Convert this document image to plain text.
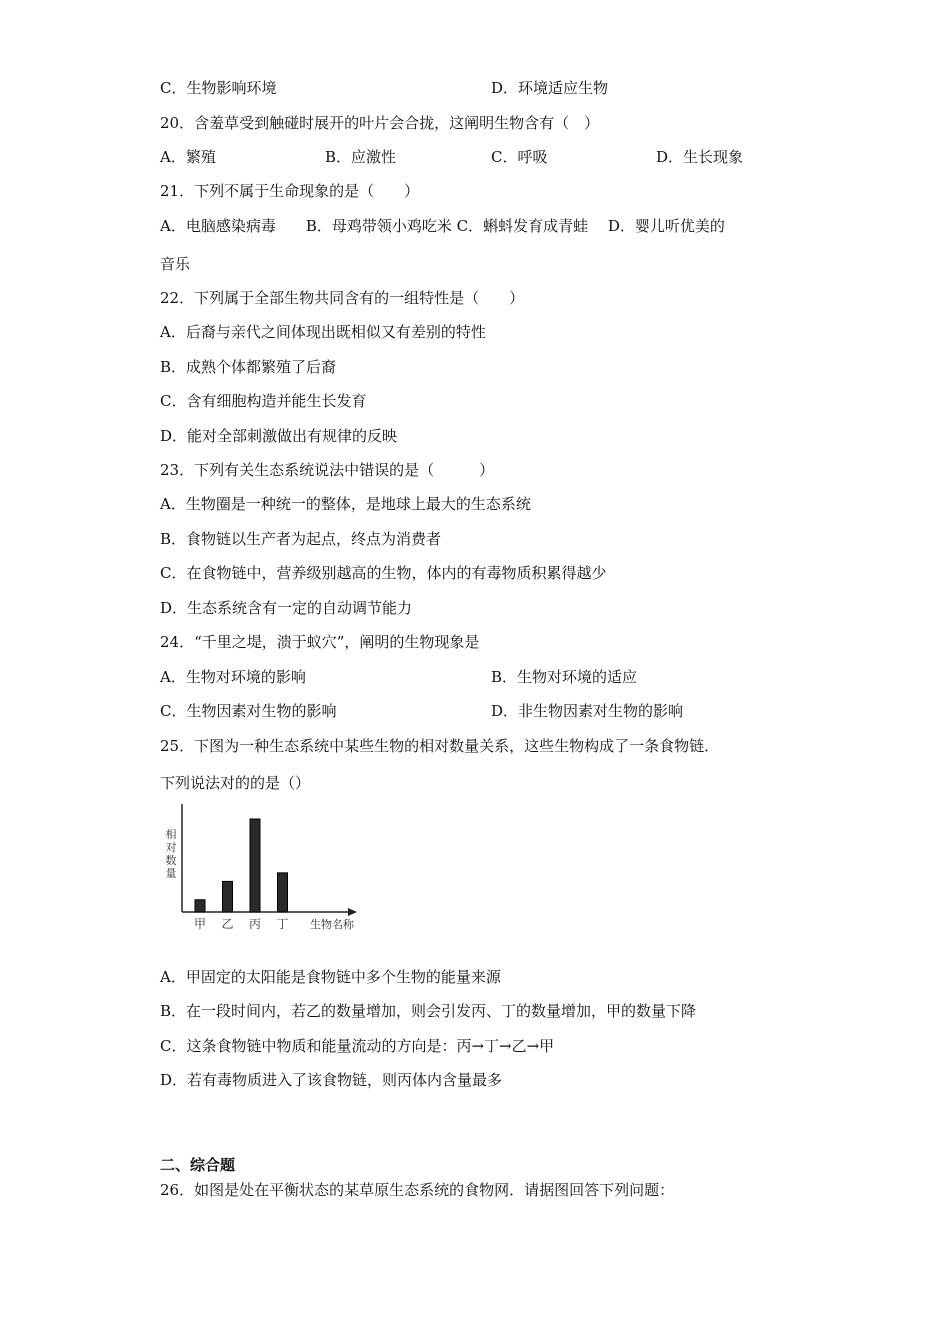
C．生物影响环境	D．环境适应生物
20．含羞草受到触碰时展开的叶片会合拢，这阐明生物含有（　）
A．繁殖	B．应激性	C．呼吸	D．生长现象
21．下列不属于生命现象的是（　　）
A．电脑感染病毒　　B．母鸡带领小鸡吃米 C．蝌蚪发育成青蛙　 D．婴儿听优美的
音乐
22．下列属于全部生物共同含有的一组特性是（　　）
A．后裔与亲代之间体现出既相似又有差别的特性
B．成熟个体都繁殖了后裔
C．含有细胞构造并能生长发育
D．能对全部刺激做出有规律的反映
23．下列有关生态系统说法中错误的是（　　　）
A．生物圈是一种统一的整体，是地球上最大的生态系统
B．食物链以生产者为起点，终点为消费者
C．在食物链中，营养级别越高的生物，体内的有毒物质积累得越少
D．生态系统含有一定的自动调节能力
24．“千里之堤，溃于蚁穴”，阐明的生物现象是
A．生物对环境的影响	B．生物对环境的适应
C．生物因素对生物的影响	D．非生物因素对生物的影响
25．下图为一种生态系统中某些生物的相对数量关系，这些生物构成了一条食物链．
下列说法对的的是（）
相
对
数
量
甲 乙 丙 丁 生物名称
A．甲固定的太阳能是食物链中多个生物的能量来源
B．在一段时间内，若乙的数量增加，则会引发丙、丁的数量增加，甲的数量下降
C．这条食物链中物质和能量流动的方向是：丙→丁→乙→甲
D．若有毒物质进入了该食物链，则丙体内含量最多
二、综合题
26．如图是处在平衡状态的某草原生态系统的食物网．请据图回答下列问题：
